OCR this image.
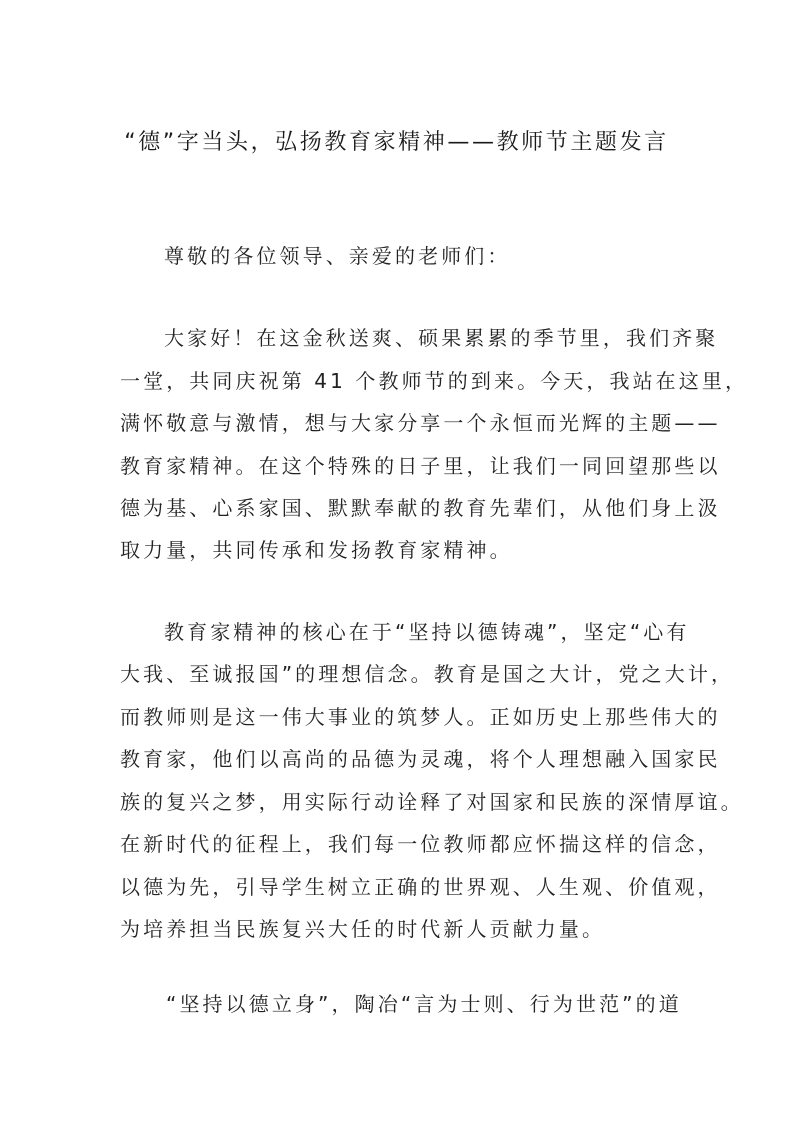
“德”字当头，弘扬教育家精神——教师节主题发言
尊敬的各位领导、亲爱的老师们：
大家好！在这金秋送爽、硕果累累的季节里，我们齐聚
一堂，共同庆祝第 41 个教师节的到来。今天，我站在这里，
满怀敬意与激情，想与大家分享一个永恒而光辉的主题——
教育家精神。在这个特殊的日子里，让我们一同回望那些以
德为基、心系家国、默默奉献的教育先辈们，从他们身上汲
取力量，共同传承和发扬教育家精神。
教育家精神的核心在于“坚持以德铸魂”，坚定“心有
大我、至诚报国”的理想信念。教育是国之大计，党之大计，
而教师则是这一伟大事业的筑梦人。正如历史上那些伟大的
教育家，他们以高尚的品德为灵魂，将个人理想融入国家民
族的复兴之梦，用实际行动诠释了对国家和民族的深情厚谊。
在新时代的征程上，我们每一位教师都应怀揣这样的信念，
以德为先，引导学生树立正确的世界观、人生观、价值观，
为培养担当民族复兴大任的时代新人贡献力量。
“坚持以德立身”，陶冶“言为士则、行为世范”的道
